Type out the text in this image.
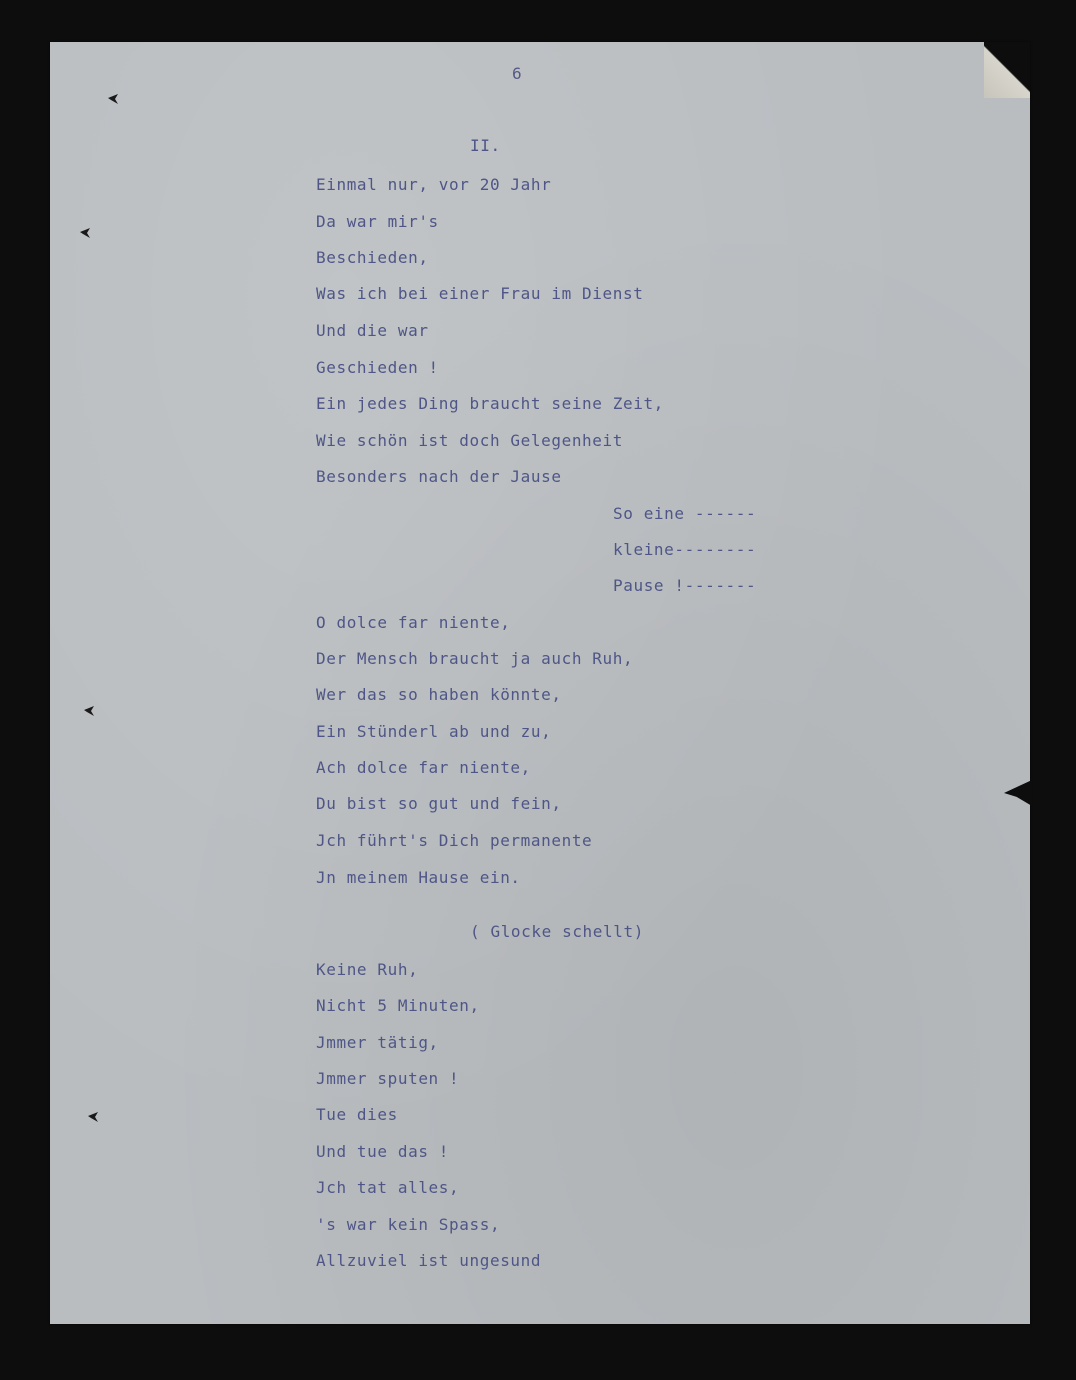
6
II.
Einmal nur, vor 20 Jahr
Da war mir's
Beschieden,
Was ich bei einer Frau im Dienst
Und die war
Geschieden !
Ein jedes Ding braucht seine Zeit,
Wie schön ist doch Gelegenheit
Besonders nach der Jause
So eine ------
kleine--------
Pause !-------
O dolce far niente,
Der Mensch braucht ja auch Ruh,
Wer das so haben könnte,
Ein Stünderl ab und zu,
Ach dolce far niente,
Du bist so gut und fein,
Jch führt's Dich permanente
Jn meinem Hause ein.
( Glocke schellt)
Keine Ruh,
Nicht 5 Minuten,
Jmmer tätig,
Jmmer sputen !
Tue dies
Und tue das !
Jch tat alles,
's war kein Spass,
Allzuviel ist ungesund
